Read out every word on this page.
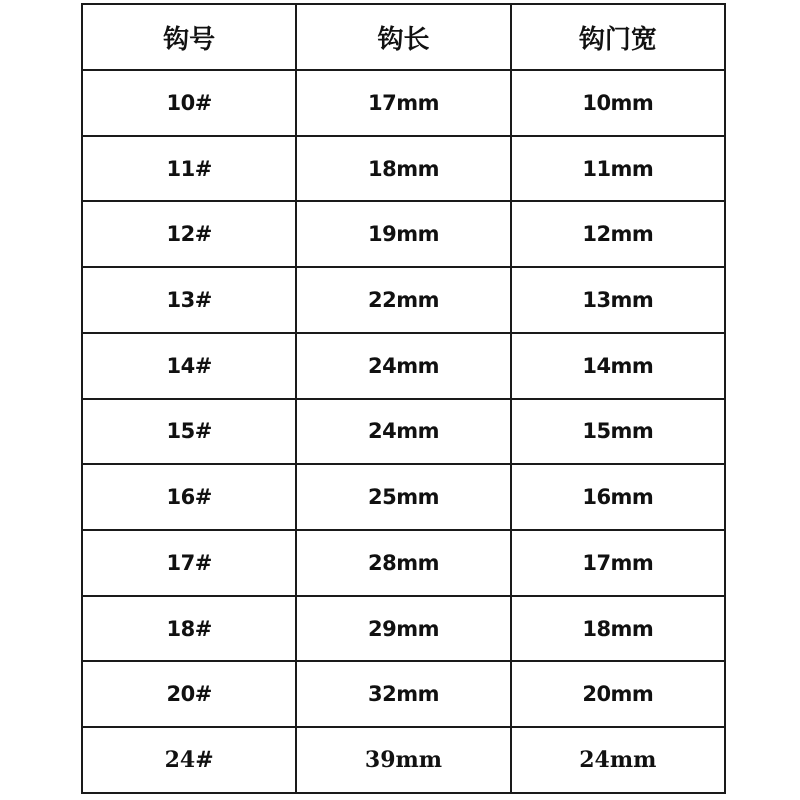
钩号	钩长	钩门宽
10#	17mm	10mm
11#	18mm	11mm
12#	19mm	12mm
13#	22mm	13mm
14#	24mm	14mm
15#	24mm	15mm
16#	25mm	16mm
17#	28mm	17mm
18#	29mm	18mm
20#	32mm	20mm
24#	39mm	24mm
